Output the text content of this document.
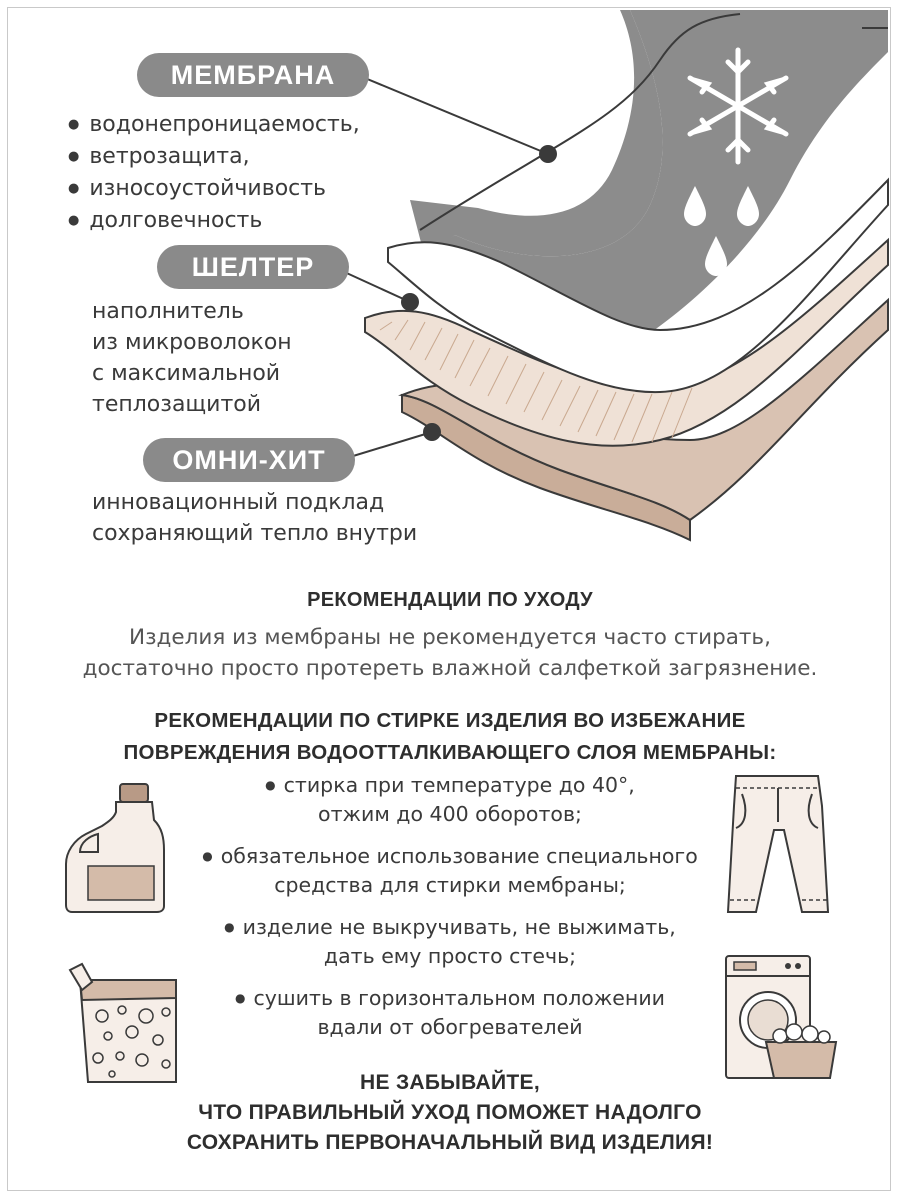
МЕМБРАНА
ШЕЛТЕР
ОМНИ-ХИТ
● водонепроницаемость,
● ветрозащита,
● износоустойчивость
● долговечность
наполнитель
из микроволокон
с максимальной
теплозащитой
инновационный подклад
сохраняющий тепло внутри
РЕКОМЕНДАЦИИ ПО УХОДУ
Изделия из мембраны не рекомендуется часто стирать,
достаточно просто протереть влажной салфеткой загрязнение.
РЕКОМЕНДАЦИИ ПО СТИРКЕ ИЗДЕЛИЯ ВО ИЗБЕЖАНИЕ
ПОВРЕЖДЕНИЯ ВОДООТТАЛКИВАЮЩЕГО СЛОЯ МЕМБРАНЫ:
● стирка при температуре до 40°,
отжим до 400 оборотов;
● обязательное использование специального
средства для стирки мембраны;
● изделие не выкручивать, не выжимать,
дать ему просто стечь;
● сушить в горизонтальном положении
вдали от обогревателей
НЕ ЗАБЫВАЙТЕ,
ЧТО ПРАВИЛЬНЫЙ УХОД ПОМОЖЕТ НАДОЛГО
СОХРАНИТЬ ПЕРВОНАЧАЛЬНЫЙ ВИД ИЗДЕЛИЯ!
